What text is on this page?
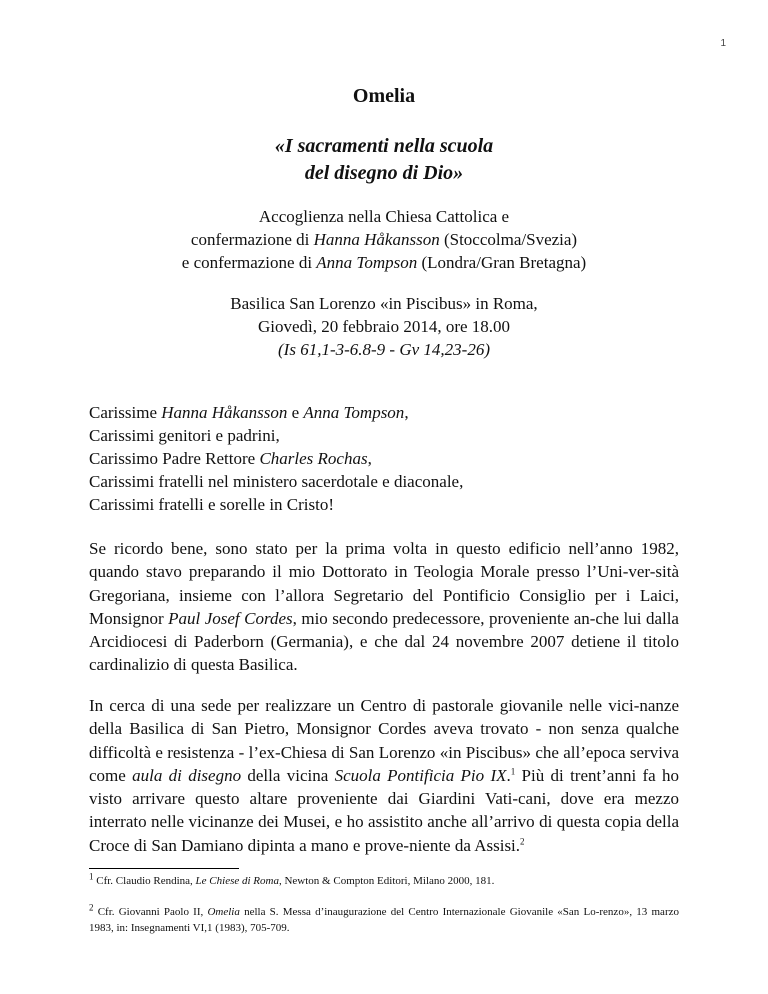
1
Omelia
«I sacramenti nella scuola
del disegno di Dio»
Accoglienza nella Chiesa Cattolica e
confermazione di Hanna Håkansson (Stoccolma/Svezia)
e confermazione di Anna Tompson (Londra/Gran Bretagna)
Basilica San Lorenzo «in Piscibus» in Roma,
Giovedì, 20 febbraio 2014, ore 18.00
(Is 61,1-3-6.8-9 - Gv 14,23-26)
Carissime Hanna Håkansson e Anna Tompson,
Carissimi genitori e padrini,
Carissimo Padre Rettore Charles Rochas,
Carissimi fratelli nel ministero sacerdotale e diaconale,
Carissimi fratelli e sorelle in Cristo!
Se ricordo bene, sono stato per la prima volta in questo edificio nell’anno 1982, quando stavo preparando il mio Dottorato in Teologia Morale presso l’Uni-ver-sità Gregoriana, insieme con l’allora Segretario del Pontificio Consiglio per i Laici, Monsignor Paul Josef Cordes, mio secondo predecessore, proveniente an-che lui dalla Arcidiocesi di Paderborn (Germania), e che dal 24 novembre 2007 detiene il titolo cardinalizio di questa Basilica.
In cerca di una sede per realizzare un Centro di pastorale giovanile nelle vici-nanze della Basilica di San Pietro, Monsignor Cordes aveva trovato - non senza qualche difficoltà e resistenza - l’ex-Chiesa di San Lorenzo «in Piscibus» che all’epoca serviva come aula di disegno della vicina Scuola Pontificia Pio IX.$^1$ Più di trent’anni fa ho visto arrivare questo altare proveniente dai Giardini Vati-cani, dove era mezzo interrato nelle vicinanze dei Musei, e ho assistito anche all’arrivo di questa copia della Croce di San Damiano dipinta a mano e prove-niente da Assisi.$^2$
$^1$ Cfr. Claudio Rendina, Le Chiese di Roma, Newton & Compton Editori, Milano 2000, 181.
$^2$ Cfr. Giovanni Paolo II, Omelia nella S. Messa d’inaugurazione del Centro Internazionale Giovanile «San Lo-renzo», 13 marzo 1983, in: Insegnamenti VI,1 (1983), 705-709.
